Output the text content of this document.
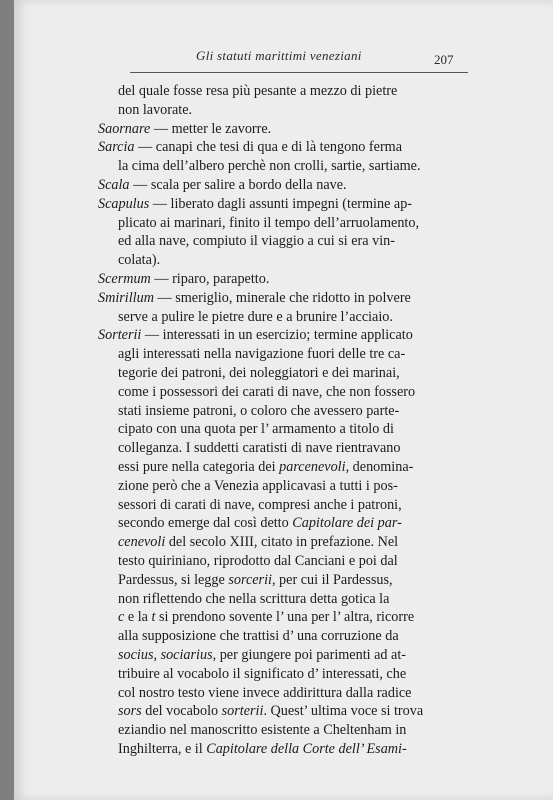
Gli statuti marittimi veneziani	207
del quale fosse resa più pesante a mezzo di pietre
non lavorate.
Saornare — metter le zavorre.
Sarcia — canapi che tesi di qua e di là tengono ferma
la cima dell’albero perchè non crolli, sartie, sartiame.
Scala — scala per salire a bordo della nave.
Scapulus — liberato dagli assunti impegni (termine ap-
plicato ai marinari, finito il tempo dell’arruolamento,
ed alla nave, compiuto il viaggio a cui si era vin-
colata).
Scermum — riparo, parapetto.
Smirillum — smeriglio, minerale che ridotto in polvere
serve a pulire le pietre dure e a brunire l’acciaio.
Sorterii — interessati in un esercizio; termine applicato
agli interessati nella navigazione fuori delle tre ca-
tegorie dei patroni, dei noleggiatori e dei marinai,
come i possessori dei carati di nave, che non fossero
stati insieme patroni, o coloro che avessero parte-
cipato con una quota per l’ armamento a titolo di
colleganza. I suddetti caratisti di nave rientravano
essi pure nella categoria dei parcenevoli, denomina-
zione però che a Venezia applicavasi a tutti i pos-
sessori di carati di nave, compresi anche i patroni,
secondo emerge dal così detto Capitolare dei par-
cenevoli del secolo XIII, citato in prefazione. Nel
testo quiriniano, riprodotto dal Canciani e poi dal
Pardessus, si legge sorcerii, per cui il Pardessus,
non riflettendo che nella scrittura detta gotica la
c e la t si prendono sovente l’ una per l’ altra, ricorre
alla supposizione che trattisi d’ una corruzione da
socius, sociarius, per giungere poi parimenti ad at-
tribuire al vocabolo il significato d’ interessati, che
col nostro testo viene invece addirittura dalla radice
sors del vocabolo sorterii. Quest’ ultima voce si trova
eziandio nel manoscritto esistente a Cheltenham in
Inghilterra, e il Capitolare della Corte dell’ Esami-
